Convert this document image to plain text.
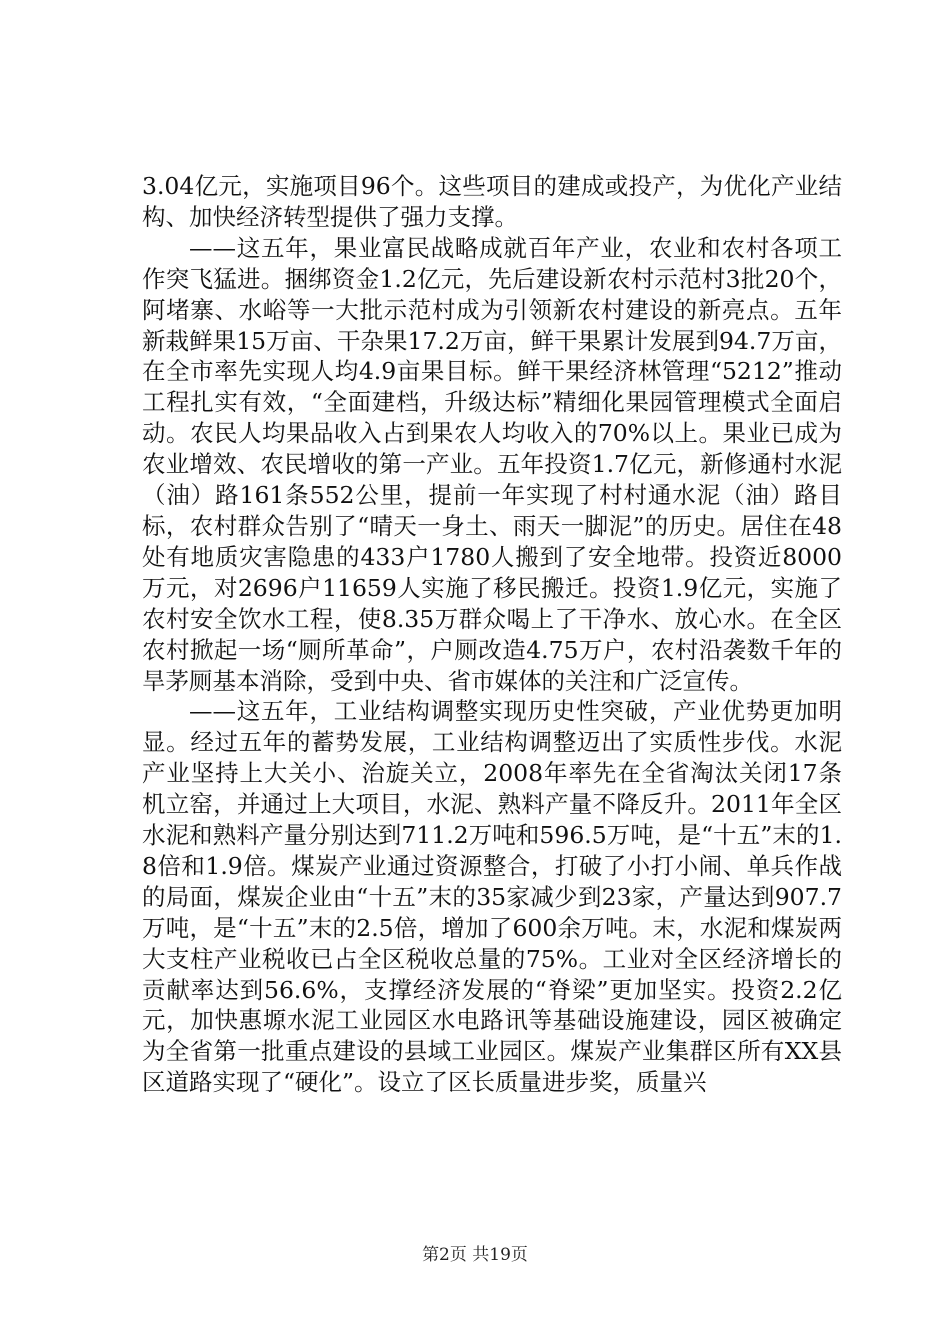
3.04亿元，实施项目96个。这些项目的建成或投产，为优化产业结构、加快经济转型提供了强力支撑。

——这五年，果业富民战略成就百年产业，农业和农村各项工作突飞猛进。捆绑资金1.2亿元，先后建设新农村示范村3批20个，阿堵寨、水峪等一大批示范村成为引领新农村建设的新亮点。五年新栽鲜果15万亩、干杂果17.2万亩，鲜干果累计发展到94.7万亩，在全市率先实现人均4.9亩果目标。鲜干果经济林管理“5212”推动工程扎实有效，“全面建档，升级达标”精细化果园管理模式全面启动。农民人均果品收入占到果农人均收入的70%以上。果业已成为农业增效、农民增收的第一产业。五年投资1.7亿元，新修通村水泥（油）路161条552公里，提前一年实现了村村通水泥（油）路目标，农村群众告别了“晴天一身土、雨天一脚泥”的历史。居住在48处有地质灾害隐患的433户1780人搬到了安全地带。投资近8000万元，对2696户11659人实施了移民搬迁。投资1.9亿元，实施了农村安全饮水工程，使8.35万群众喝上了干净水、放心水。在全区农村掀起一场“厕所革命”，户厕改造4.75万户，农村沿袭数千年的旱茅厕基本消除，受到中央、省市媒体的关注和广泛宣传。

——这五年，工业结构调整实现历史性突破，产业优势更加明显。经过五年的蓄势发展，工业结构调整迈出了实质性步伐。水泥产业坚持上大关小、治旋关立，2008年率先在全省淘汰关闭17条机立窑，并通过上大项目，水泥、熟料产量不降反升。2011年全区水泥和熟料产量分别达到711.2万吨和596.5万吨，是“十五”末的1.8倍和1.9倍。煤炭产业通过资源整合，打破了小打小闹、单兵作战的局面，煤炭企业由“十五”末的35家减少到23家，产量达到907.7万吨，是“十五”末的2.5倍，增加了600余万吨。末，水泥和煤炭两大支柱产业税收已占全区税收总量的75%。工业对全区经济增长的贡献率达到56.6%，支撑经济发展的“脊梁”更加坚实。投资2.2亿元，加快惠塬水泥工业园区水电路讯等基础设施建设，园区被确定为全省第一批重点建设的县域工业园区。煤炭产业集群区所有XX县区道路实现了“硬化”。设立了区长质量进步奖，质量兴

第2页 共19页
